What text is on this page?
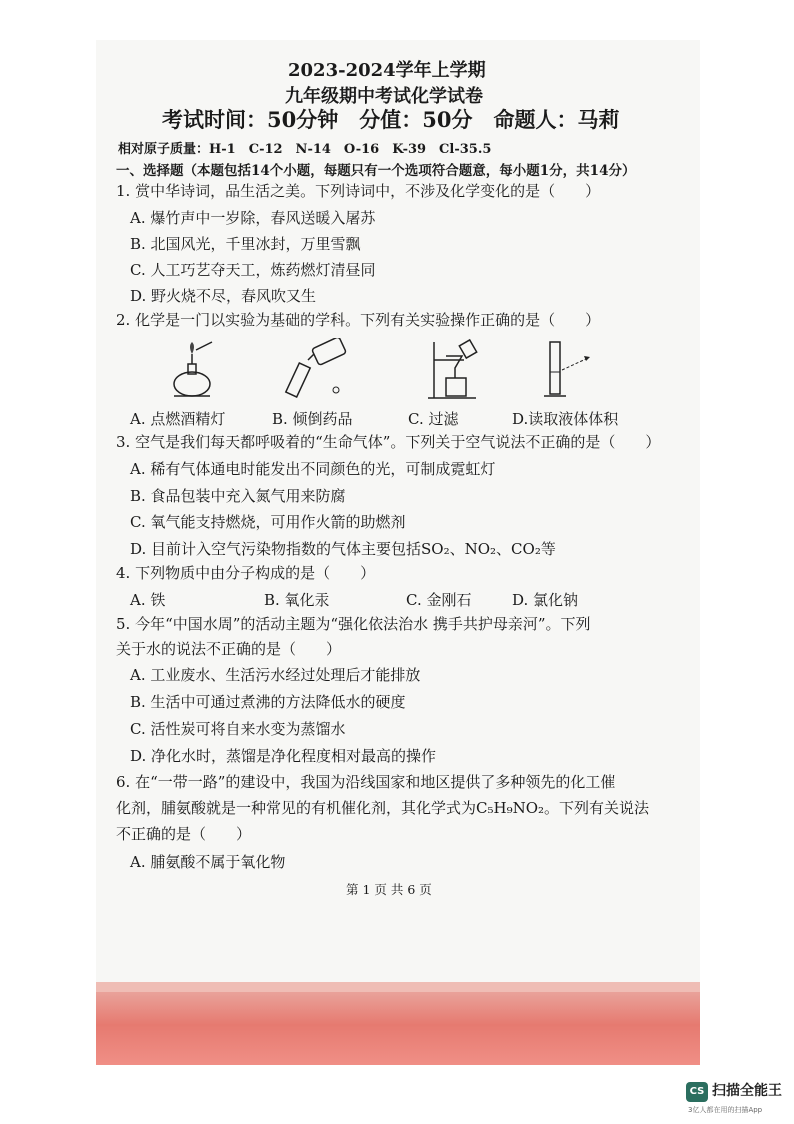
2023-2024学年上学期
九年级期中考试化学试卷
考试时间：50分钟　分值：50分　命题人：马莉
相对原子质量：H-1　C-12　N-14　O-16　K-39　Cl-35.5
一、选择题（本题包括14个小题，每题只有一个选项符合题意，每小题1分，共14分）
1. 赏中华诗词，品生活之美。下列诗词中，不涉及化学变化的是（　　）
A. 爆竹声中一岁除，春风送暖入屠苏
B. 北国风光，千里冰封，万里雪飘
C. 人工巧艺夺天工，炼药燃灯清昼同
D. 野火烧不尽，春风吹又生
2. 化学是一门以实验为基础的学科。下列有关实验操作正确的是（　　）
A. 点燃酒精灯	B. 倾倒药品	C. 过滤	D.读取液体体积
3. 空气是我们每天都呼吸着的“生命气体”。下列关于空气说法不正确的是（　　）
A. 稀有气体通电时能发出不同颜色的光，可制成霓虹灯
B. 食品包装中充入氮气用来防腐
C. 氧气能支持燃烧，可用作火箭的助燃剂
D. 目前计入空气污染物指数的气体主要包括SO₂、NO₂、CO₂等
4. 下列物质中由分子构成的是（　　）
A. 铁	B. 氧化汞	C. 金刚石	D. 氯化钠
5. 今年“中国水周”的活动主题为“强化依法治水 携手共护母亲河”。下列
关于水的说法不正确的是（　　）
A. 工业废水、生活污水经过处理后才能排放
B. 生活中可通过煮沸的方法降低水的硬度
C. 活性炭可将自来水变为蒸馏水
D. 净化水时，蒸馏是净化程度相对最高的操作
6. 在“一带一路”的建设中，我国为沿线国家和地区提供了多种领先的化工催
化剂，脯氨酸就是一种常见的有机催化剂，其化学式为C₅H₉NO₂。下列有关说法
不正确的是（　　）
A. 脯氨酸不属于氧化物
第 1 页 共 6 页
CS 扫描全能王
3亿人都在用的扫描App
